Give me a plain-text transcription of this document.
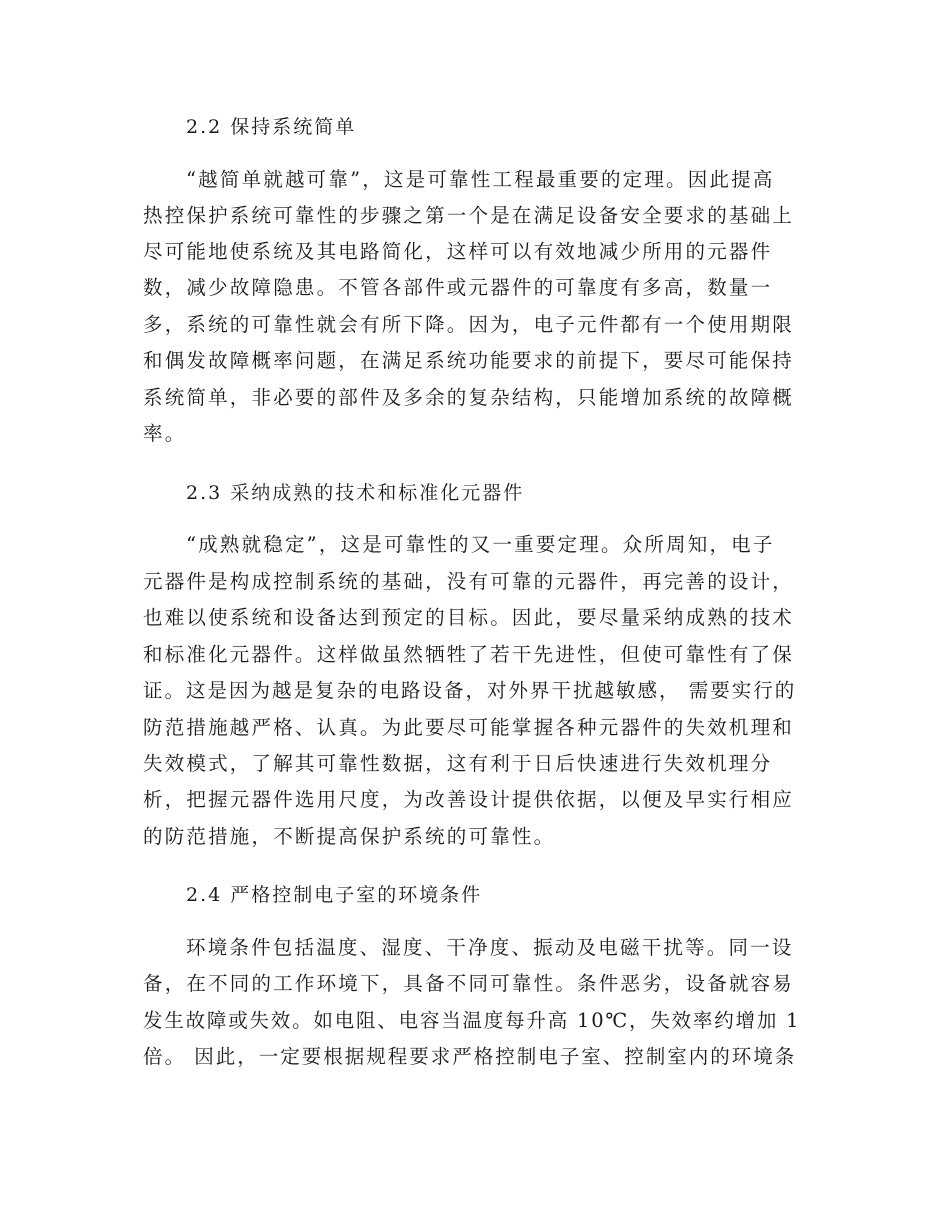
2.2 保持系统简单
“越简单就越可靠”，这是可靠性工程最重要的定理。因此提高
热控保护系统可靠性的步骤之第一个是在满足设备安全要求的基础上
尽可能地使系统及其电路简化，这样可以有效地减少所用的元器件
数，减少故障隐患。不管各部件或元器件的可靠度有多高，数量一
多，系统的可靠性就会有所下降。因为，电子元件都有一个使用期限
和偶发故障概率问题，在满足系统功能要求的前提下，要尽可能保持
系统简单，非必要的部件及多余的复杂结构，只能增加系统的故障概
率。
2.3 采纳成熟的技术和标准化元器件
“成熟就稳定”，这是可靠性的又一重要定理。众所周知，电子
元器件是构成控制系统的基础，没有可靠的元器件，再完善的设计，
也难以使系统和设备达到预定的目标。因此，要尽量采纳成熟的技术
和标准化元器件。这样做虽然牺牲了若干先进性，但使可靠性有了保
证。这是因为越是复杂的电路设备，对外界干扰越敏感， 需要实行的
防范措施越严格、认真。为此要尽可能掌握各种元器件的失效机理和
失效模式，了解其可靠性数据，这有利于日后快速进行失效机理分
析，把握元器件选用尺度，为改善设计提供依据，以便及早实行相应
的防范措施，不断提高保护系统的可靠性。
2.4 严格控制电子室的环境条件
环境条件包括温度、湿度、干净度、振动及电磁干扰等。同一设
备，在不同的工作环境下，具备不同可靠性。条件恶劣，设备就容易
发生故障或失效。如电阻、电容当温度每升高 10℃，失效率约增加 1
倍。 因此，一定要根据规程要求严格控制电子室、控制室内的环境条
